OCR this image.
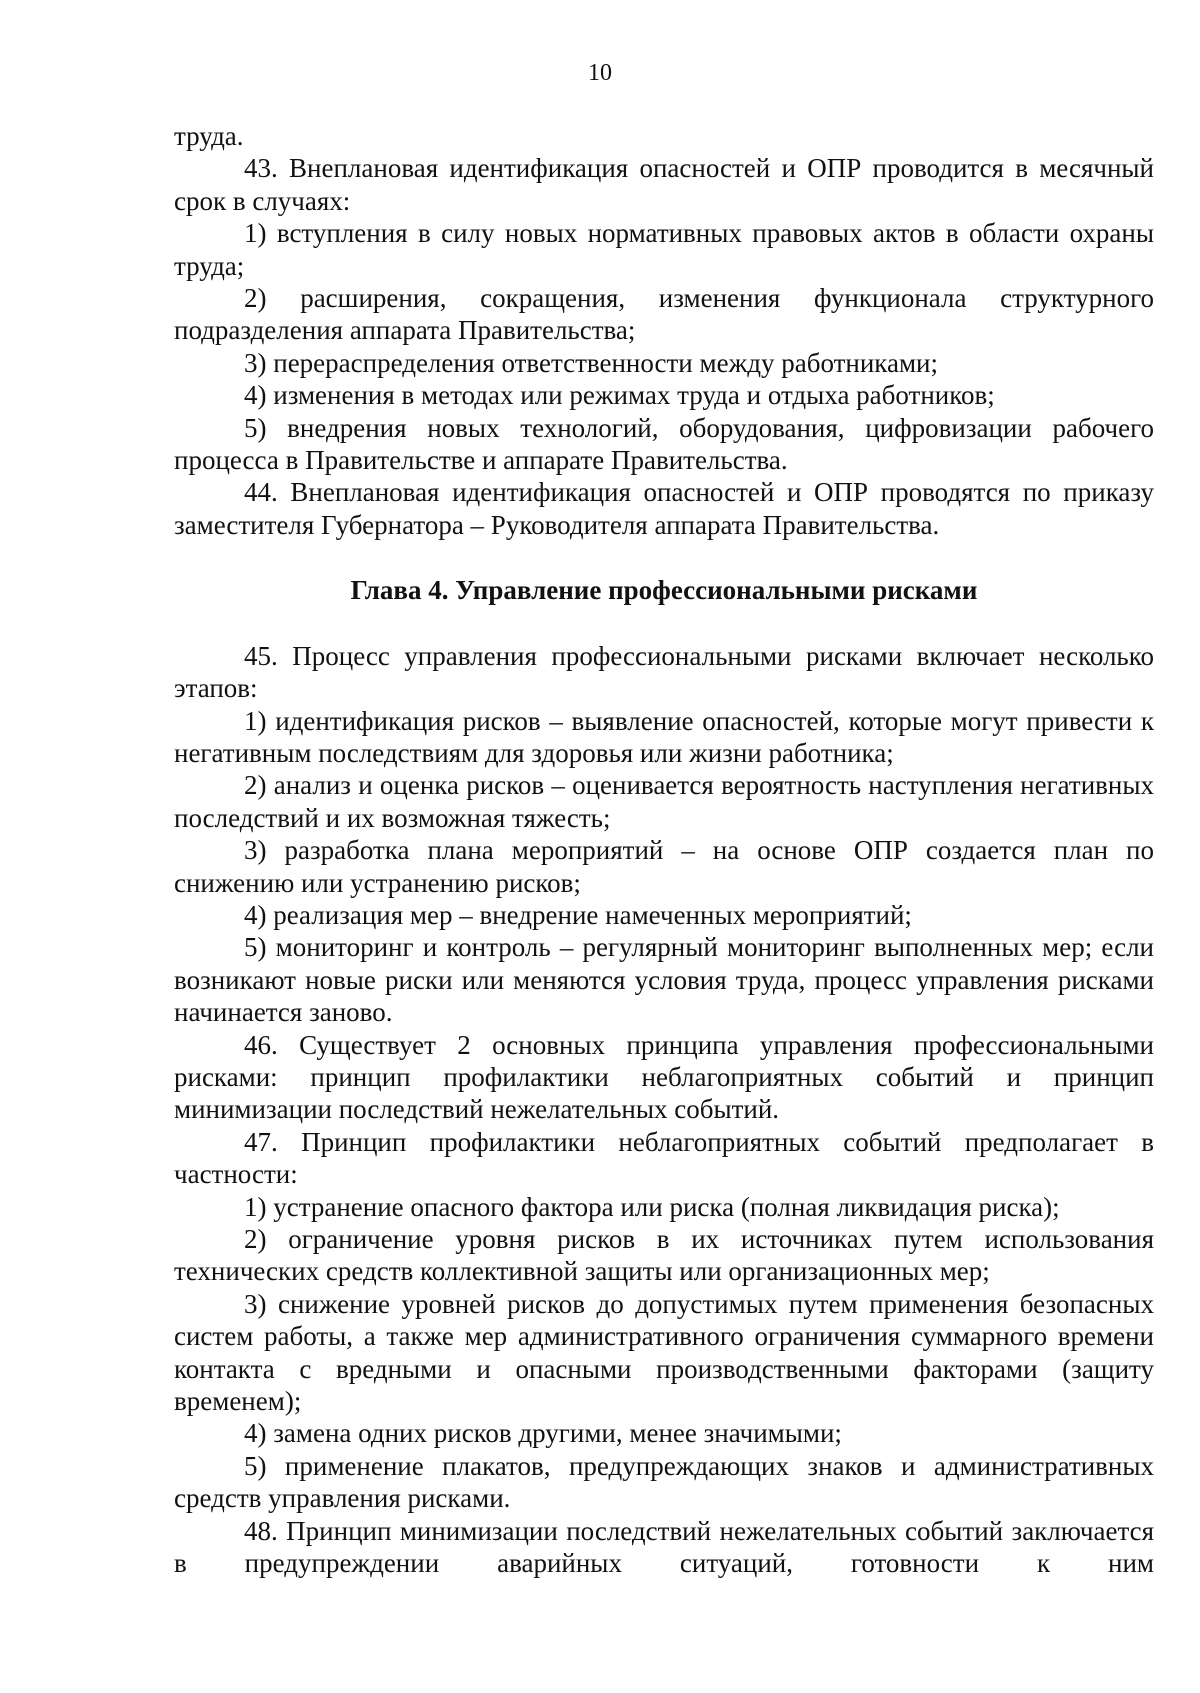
10

труда.

43. Внеплановая идентификация опасностей и ОПР проводится в месячный срок в случаях:

1) вступления в силу новых нормативных правовых актов в области охраны труда;

2) расширения, сокращения, изменения функционала структурного подразделения аппарата Правительства;

3) перераспределения ответственности между работниками;

4) изменения в методах или режимах труда и отдыха работников;

5) внедрения новых технологий, оборудования, цифровизации рабочего процесса в Правительстве и аппарате Правительства.

44. Внеплановая идентификация опасностей и ОПР проводятся по приказу заместителя Губернатора – Руководителя аппарата Правительства.

Глава 4. Управление профессиональными рисками

45. Процесс управления профессиональными рисками включает несколько этапов:

1) идентификация рисков – выявление опасностей, которые могут привести к негативным последствиям для здоровья или жизни работника;

2) анализ и оценка рисков – оценивается вероятность наступления негативных последствий и их возможная тяжесть;

3) разработка плана мероприятий – на основе ОПР создается план по снижению или устранению рисков;

4) реализация мер – внедрение намеченных мероприятий;

5) мониторинг и контроль – регулярный мониторинг выполненных мер; если возникают новые риски или меняются условия труда, процесс управления рисками начинается заново.

46. Существует 2 основных принципа управления профессиональными рисками: принцип профилактики неблагоприятных событий и принцип минимизации последствий нежелательных событий.

47. Принцип профилактики неблагоприятных событий предполагает в частности:

1) устранение опасного фактора или риска (полная ликвидация риска);

2) ограничение уровня рисков в их источниках путем использования технических средств коллективной защиты или организационных мер;

3) снижение уровней рисков до допустимых путем применения безопасных систем работы, а также мер административного ограничения суммарного времени контакта с вредными и опасными производственными факторами (защиту временем);

4) замена одних рисков другими, менее значимыми;

5) применение плакатов, предупреждающих знаков и административных средств управления рисками.

48. Принцип минимизации последствий нежелательных событий заключается в предупреждении аварийных ситуаций, готовности к ним
